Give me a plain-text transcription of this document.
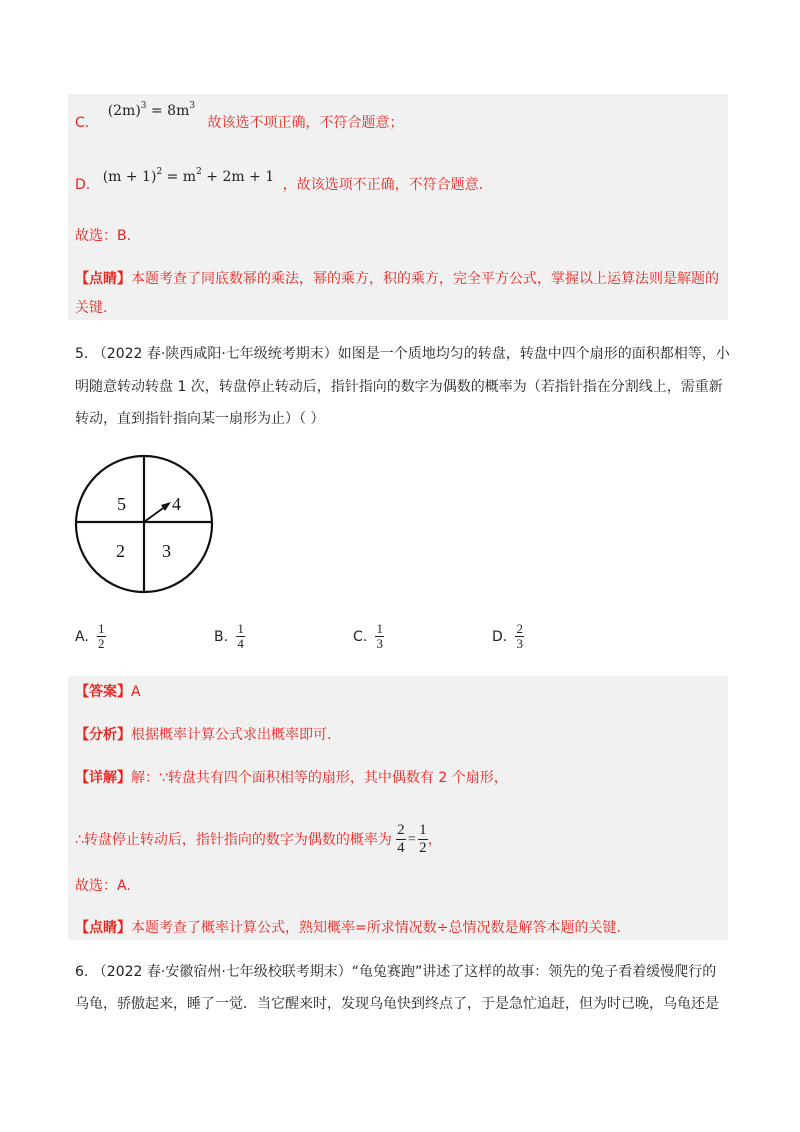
C. $(2m)^3 = 8m^3$ 故该选不项正确，不符合题意；
D. $(m + 1)^2 = m^2 + 2m + 1$ ，故该选项不正确，不符合题意.
故选：B.
【点睛】本题考查了同底数幂的乘法，幂的乘方，积的乘方，完全平方公式，掌握以上运算法则是解题的
关键.
5. （2022 春·陕西咸阳·七年级统考期末）如图是一个质地均匀的转盘，转盘中四个扇形的面积都相等，小
明随意转动转盘 1 次，转盘停止转动后，指针指向的数字为偶数的概率为（若指针指在分割线上，需重新
转动，直到指针指向某一扇形为止）（ ）
5	4
2 3
A. $\frac{1}{2}$	B. $\frac{1}{4}$	C. $\frac{1}{3}$	D. $\frac{2}{3}$
【答案】A
【分析】根据概率计算公式求出概率即可.
【详解】解：∵转盘共有四个面积相等的扇形，其中偶数有 2 个扇形，
∴转盘停止转动后，指针指向的数字为偶数的概率为 $\frac{2}{4} = \frac{1}{2}$ ，
故选：A.
【点睛】本题考查了概率计算公式，熟知概率=所求情况数÷总情况数是解答本题的关键.
6. （2022 春·安徽宿州·七年级校联考期末）“龟兔赛跑”讲述了这样的故事：领先的兔子看着缓慢爬行的
乌龟，骄傲起来，睡了一觉．当它醒来时，发现乌龟快到终点了，于是急忙追赶，但为时已晚，乌龟还是
